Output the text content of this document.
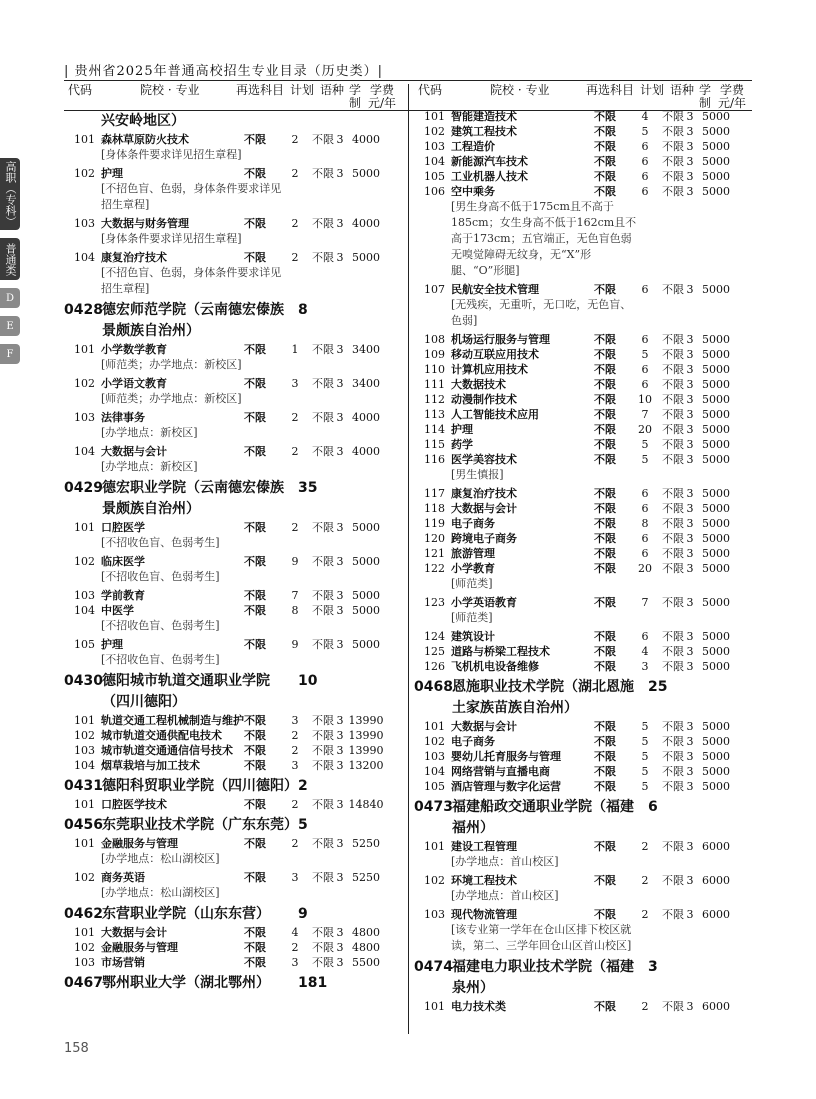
| 贵州省2025年普通高校招生专业目录（历史类）|
代码	院校 · 专业	再选科目 计划 语种 学
制
学费
元/年
代码	院校 · 专业	再选科目 计划 语种 学
制
学费
元/年
高职（专科）
普通类
D
E
F
兴安岭地区）
101 森林草原防火技术	不限	2	不限 3 4000
[身体条件要求详见招生章程]
102 护理	不限	2	不限 3 5000
[不招色盲、色弱，身体条件要求详见招生章程]
103 大数据与财务管理	不限	2	不限 3 4000
[身体条件要求详见招生章程]
104 康复治疗技术	不限	2	不限 3 5000
[不招色盲、色弱，身体条件要求详见招生章程]
0428 德宏师范学院（云南德宏傣族景颇族自治州）
8
101 小学数学教育	不限	1	不限 3 3400
[师范类；办学地点：新校区]
102 小学语文教育	不限	3	不限 3 3400
[师范类；办学地点：新校区]
103 法律事务	不限	2	不限 3 4000
[办学地点：新校区]
104 大数据与会计	不限	2	不限 3 4000
[办学地点：新校区]
0429 德宏职业学院（云南德宏傣族景颇族自治州）
35
101 口腔医学	不限	2	不限 3 5000
[不招收色盲、色弱考生]
102 临床医学	不限	9	不限 3 5000
[不招收色盲、色弱考生]
103 学前教育	不限	7	不限 3 5000
104 中医学	不限	8	不限 3 5000
[不招收色盲、色弱考生]
105 护理	不限	9	不限 3 5000
[不招收色盲、色弱考生]
0430 德阳城市轨道交通职业学院（四川德阳）
10
101 轨道交通工程机械制造与维护 不限	3	不限 3 13990
102 城市轨道交通供配电技术	不限	2	不限 3 13990
103 城市轨道交通通信信号技术	不限	2	不限 3 13990
104 烟草栽培与加工技术	不限	3	不限 3 13200
0431 德阳科贸职业学院（四川德阳） 2
101 口腔医学技术	不限	2	不限 3 14840
0456 东莞职业技术学院（广东东莞） 5
101 金融服务与管理	不限	2	不限 3 5250
[办学地点：松山湖校区]
102 商务英语	不限	3	不限 3 5250
[办学地点：松山湖校区]
0462 东营职业学院（山东东营）	9
101 大数据与会计	不限	4	不限 3 4800
102 金融服务与管理	不限	2	不限 3 4800
103 市场营销	不限	3	不限 3 5500
0467 鄂州职业大学（湖北鄂州）	181
101 智能建造技术	不限	4	不限 3 5000
102 建筑工程技术	不限	5	不限 3 5000
103 工程造价	不限	6	不限 3 5000
104 新能源汽车技术	不限	6	不限 3 5000
105 工业机器人技术	不限	6	不限 3 5000
106 空中乘务	不限	6	不限 3 5000
[男生身高不低于175cm且不高于185cm；女生身高不低于162cm且不高于173cm；五官端正，无色盲色弱无嗅觉障碍无纹身，无“X”形腿、“O”形腿]
107 民航安全技术管理	不限	6	不限 3 5000
[无残疾，无重听，无口吃，无色盲、色弱]
108 机场运行服务与管理	不限	6	不限 3 5000
109 移动互联应用技术	不限	5	不限 3 5000
110 计算机应用技术	不限	6	不限 3 5000
111 大数据技术	不限	6	不限 3 5000
112 动漫制作技术	不限	10 不限 3 5000
113 人工智能技术应用	不限	7	不限 3 5000
114 护理	不限	20 不限 3 5000
115 药学	不限	5	不限 3 5000
116 医学美容技术	不限	5	不限 3 5000
[男生慎报]
117 康复治疗技术	不限	6	不限 3 5000
118 大数据与会计	不限	6	不限 3 5000
119 电子商务	不限	8	不限 3 5000
120 跨境电子商务	不限	6	不限 3 5000
121 旅游管理	不限	6	不限 3 5000
122 小学教育	不限	20 不限 3 5000
[师范类]
123 小学英语教育	不限	7	不限 3 5000
[师范类]
124 建筑设计	不限	6	不限 3 5000
125 道路与桥梁工程技术	不限	4	不限 3 5000
126 飞机机电设备维修	不限	3	不限 3 5000
0468 恩施职业技术学院（湖北恩施土家族苗族自治州）
25
101 大数据与会计	不限	5	不限 3 5000
102 电子商务	不限	5	不限 3 5000
103 婴幼儿托育服务与管理	不限	5	不限 3 5000
104 网络营销与直播电商	不限	5	不限 3 5000
105 酒店管理与数字化运营	不限	5	不限 3 5000
0473 福建船政交通职业学院（福建福州）
6
101 建设工程管理	不限	2	不限 3 6000
[办学地点：首山校区]
102 环境工程技术	不限	2	不限 3 6000
[办学地点：首山校区]
103 现代物流管理	不限	2	不限 3 6000
[该专业第一学年在仓山区排下校区就读，第二、三学年回仓山区首山校区]
0474 福建电力职业技术学院（福建泉州）
3
101 电力技术类	不限	2	不限 3 6000
158
